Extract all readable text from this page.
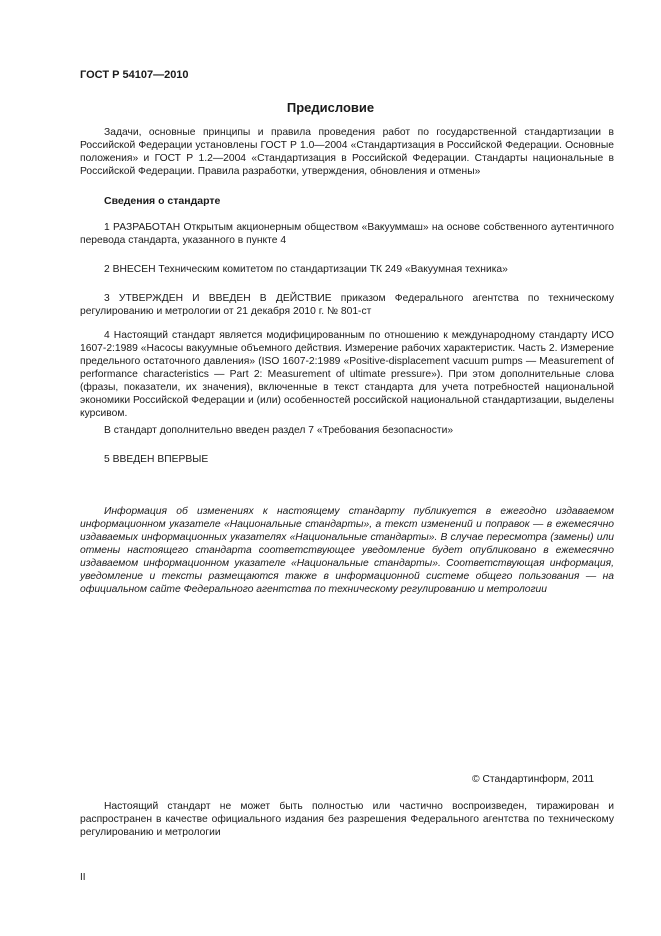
ГОСТ Р 54107—2010
Предисловие
Задачи, основные принципы и правила проведения работ по государственной стандартизации в Российской Федерации установлены ГОСТ Р 1.0—2004 «Стандартизация в Российской Федерации. Основные положения» и ГОСТ Р 1.2—2004 «Стандартизация в Российской Федерации. Стандарты национальные в Российской Федерации. Правила разработки, утверждения, обновления и отмены»
Сведения о стандарте
1 РАЗРАБОТАН Открытым акционерным обществом «Вакууммаш» на основе собственного аутентичного перевода стандарта, указанного в пункте 4
2 ВНЕСЕН Техническим комитетом по стандартизации ТК 249 «Вакуумная техника»
3 УТВЕРЖДЕН И ВВЕДЕН В ДЕЙСТВИЕ приказом Федерального агентства по техническому регулированию и метрологии от 21 декабря 2010 г. № 801-ст
4 Настоящий стандарт является модифицированным по отношению к международному стандарту ИСО 1607-2:1989 «Насосы вакуумные объемного действия. Измерение рабочих характеристик. Часть 2. Измерение предельного остаточного давления» (ISO 1607-2:1989 «Positive-displacement vacuum pumps — Measurement of performance characteristics — Part 2: Measurement of ultimate pressure»). При этом дополнительные слова (фразы, показатели, их значения), включенные в текст стандарта для учета потребностей национальной экономики Российской Федерации и (или) особенностей российской национальной стандартизации, выделены курсивом.
В стандарт дополнительно введен раздел 7 «Требования безопасности»
5 ВВЕДЕН ВПЕРВЫЕ
Информация об изменениях к настоящему стандарту публикуется в ежегодно издаваемом информационном указателе «Национальные стандарты», а текст изменений и поправок — в ежемесячно издаваемых информационных указателях «Национальные стандарты». В случае пересмотра (замены) или отмены настоящего стандарта соответствующее уведомление будет опубликовано в ежемесячно издаваемом информационном указателе «Национальные стандарты». Соответствующая информация, уведомление и тексты размещаются также в информационной системе общего пользования — на официальном сайте Федерального агентства по техническому регулированию и метрологии
© Стандартинформ, 2011
Настоящий стандарт не может быть полностью или частично воспроизведен, тиражирован и распространен в качестве официального издания без разрешения Федерального агентства по техническому регулированию и метрологии
II
